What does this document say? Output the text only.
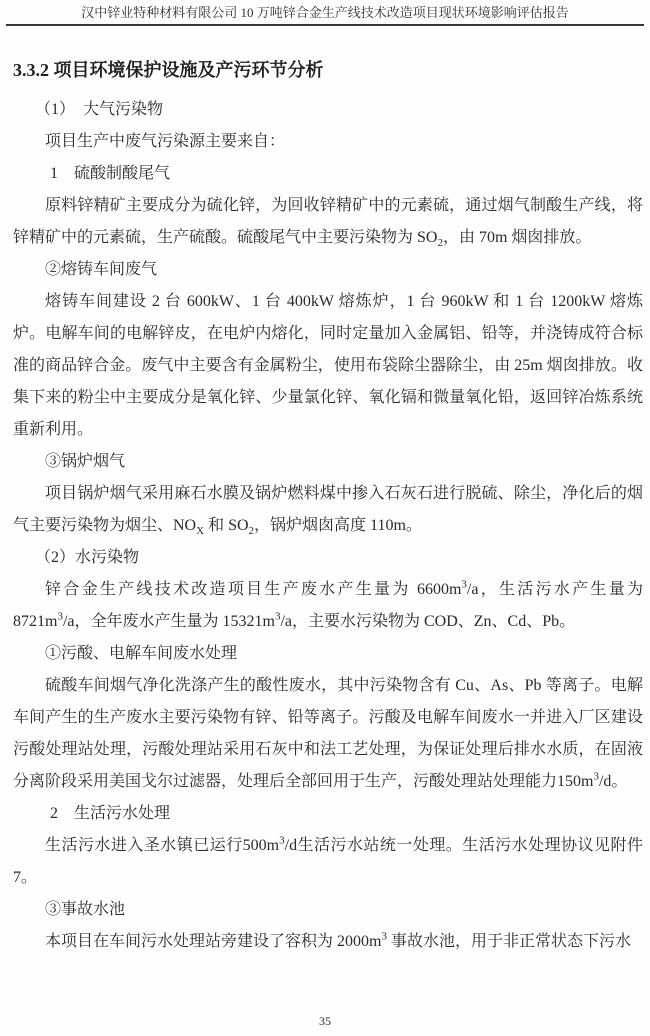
汉中锌业特种材料有限公司 10 万吨锌合金生产线技术改造项目现状环境影响评估报告
3.3.2 项目环境保护设施及产污环节分析

（1）　大气污染物

项目生产中废气污染源主要来自：

1　硫酸制酸尾气

原料锌精矿主要成分为硫化锌，为回收锌精矿中的元素硫，通过烟气制酸生产线，将锌精矿中的元素硫，生产硫酸。硫酸尾气中主要污染物为 $SO_2$，由 70m 烟囱排放。

②熔铸车间废气

熔铸车间建设 2 台 600kW、1 台 400kW 熔炼炉，1 台 960kW 和 1 台 1200kW 熔炼炉。电解车间的电解锌皮，在电炉内熔化，同时定量加入金属铝、铅等，并浇铸成符合标准的商品锌合金。废气中主要含有金属粉尘，使用布袋除尘器除尘，由 25m 烟囱排放。收集下来的粉尘中主要成分是氧化锌、少量氯化锌、氧化镉和微量氧化铅，返回锌冶炼系统重新利用。

③锅炉烟气

项目锅炉烟气采用麻石水膜及锅炉燃料煤中掺入石灰石进行脱硫、除尘，净化后的烟气主要污染物为烟尘、$NO_X$ 和 $SO_2$，锅炉烟囱高度 110m。

（2）水污染物

锌合金生产线技术改造项目生产废水产生量为 $6600m^3/a$，生活污水产生量为$8721m^3/a$，全年废水产生量为 $15321m^3/a$，主要水污染物为 COD、Zn、Cd、Pb。

①污酸、电解车间废水处理

硫酸车间烟气净化洗涤产生的酸性废水，其中污染物含有 Cu、As、Pb 等离子。电解车间产生的生产废水主要污染物有锌、铅等离子。污酸及电解车间废水一并进入厂区建设污酸处理站处理，污酸处理站采用石灰中和法工艺处理，为保证处理后排水水质，在固液分离阶段采用美国戈尔过滤器，处理后全部回用于生产，污酸处理站处理能力$150m^3/d$。

2　生活污水处理

生活污水进入圣水镇已运行$500m^3/d$生活污水站统一处理。生活污水处理协议见附件7。

③事故水池

本项目在车间污水处理站旁建设了容积为 $2000m^3$ 事故水池，用于非正常状态下污水

35
